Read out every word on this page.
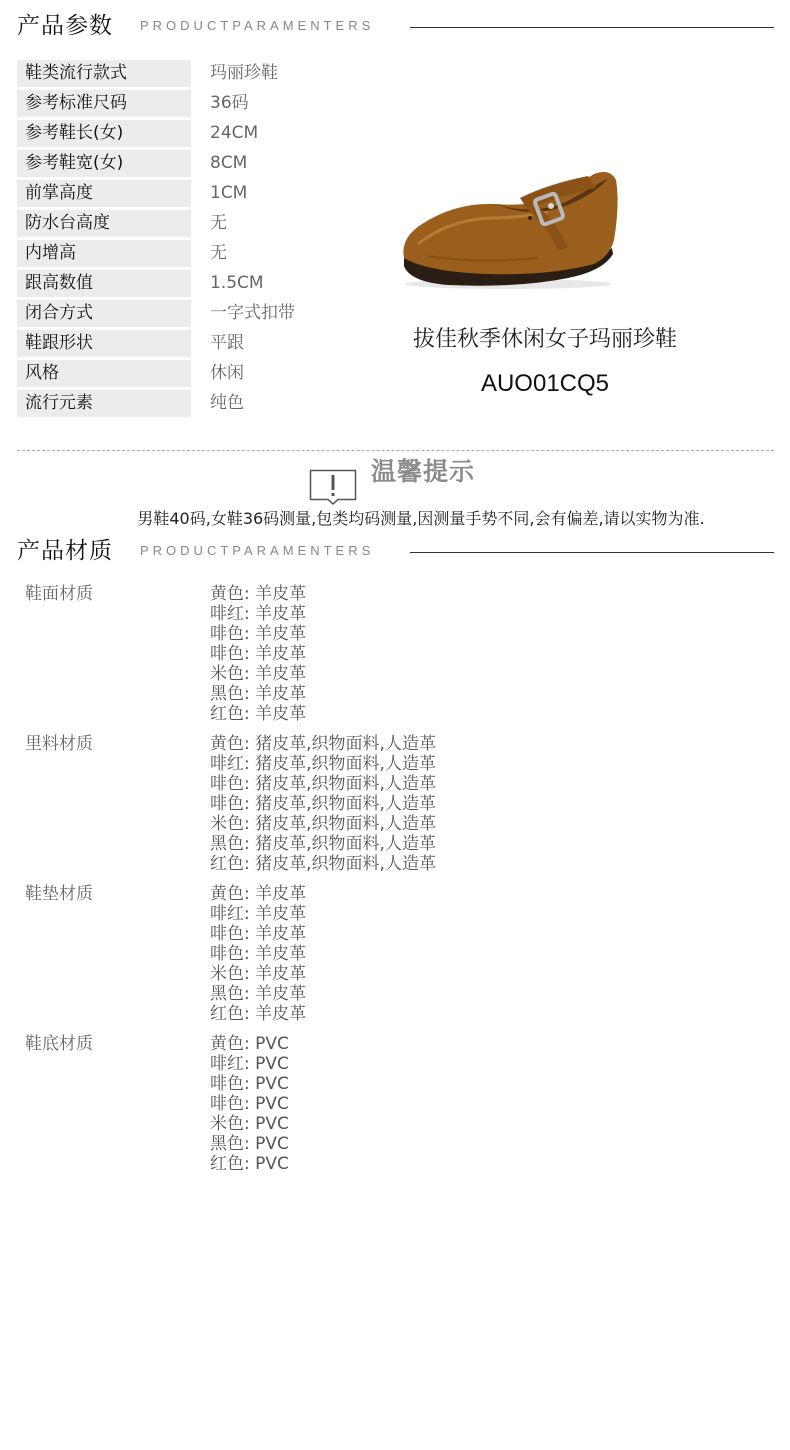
产品参数 PRODUCTPARAMENTERS
鞋类流行款式	玛丽珍鞋
参考标准尺码	36码
参考鞋长(女)	24CM
参考鞋宽(女)	8CM
前掌高度	1CM
防水台高度	无
内增高	无
跟高数值	1.5CM
闭合方式	一字式扣带
鞋跟形状	平跟
风格	休闲
流行元素	纯色
拔佳秋季休闲女子玛丽珍鞋
AUO01CQ5
温馨提示
男鞋40码,女鞋36码测量,包类均码测量,因测量手势不同,会有偏差,请以实物为准.
产品材质 PRODUCTPARAMENTERS
鞋面材质	黄色: 羊皮革
啡红: 羊皮革
啡色: 羊皮革
啡色: 羊皮革
米色: 羊皮革
黑色: 羊皮革
红色: 羊皮革
里料材质	黄色: 猪皮革,织物面料,人造革
啡红: 猪皮革,织物面料,人造革
啡色: 猪皮革,织物面料,人造革
啡色: 猪皮革,织物面料,人造革
米色: 猪皮革,织物面料,人造革
黑色: 猪皮革,织物面料,人造革
红色: 猪皮革,织物面料,人造革
鞋垫材质	黄色: 羊皮革
啡红: 羊皮革
啡色: 羊皮革
啡色: 羊皮革
米色: 羊皮革
黑色: 羊皮革
红色: 羊皮革
鞋底材质	黄色: PVC
啡红: PVC
啡色: PVC
啡色: PVC
米色: PVC
黑色: PVC
红色: PVC
